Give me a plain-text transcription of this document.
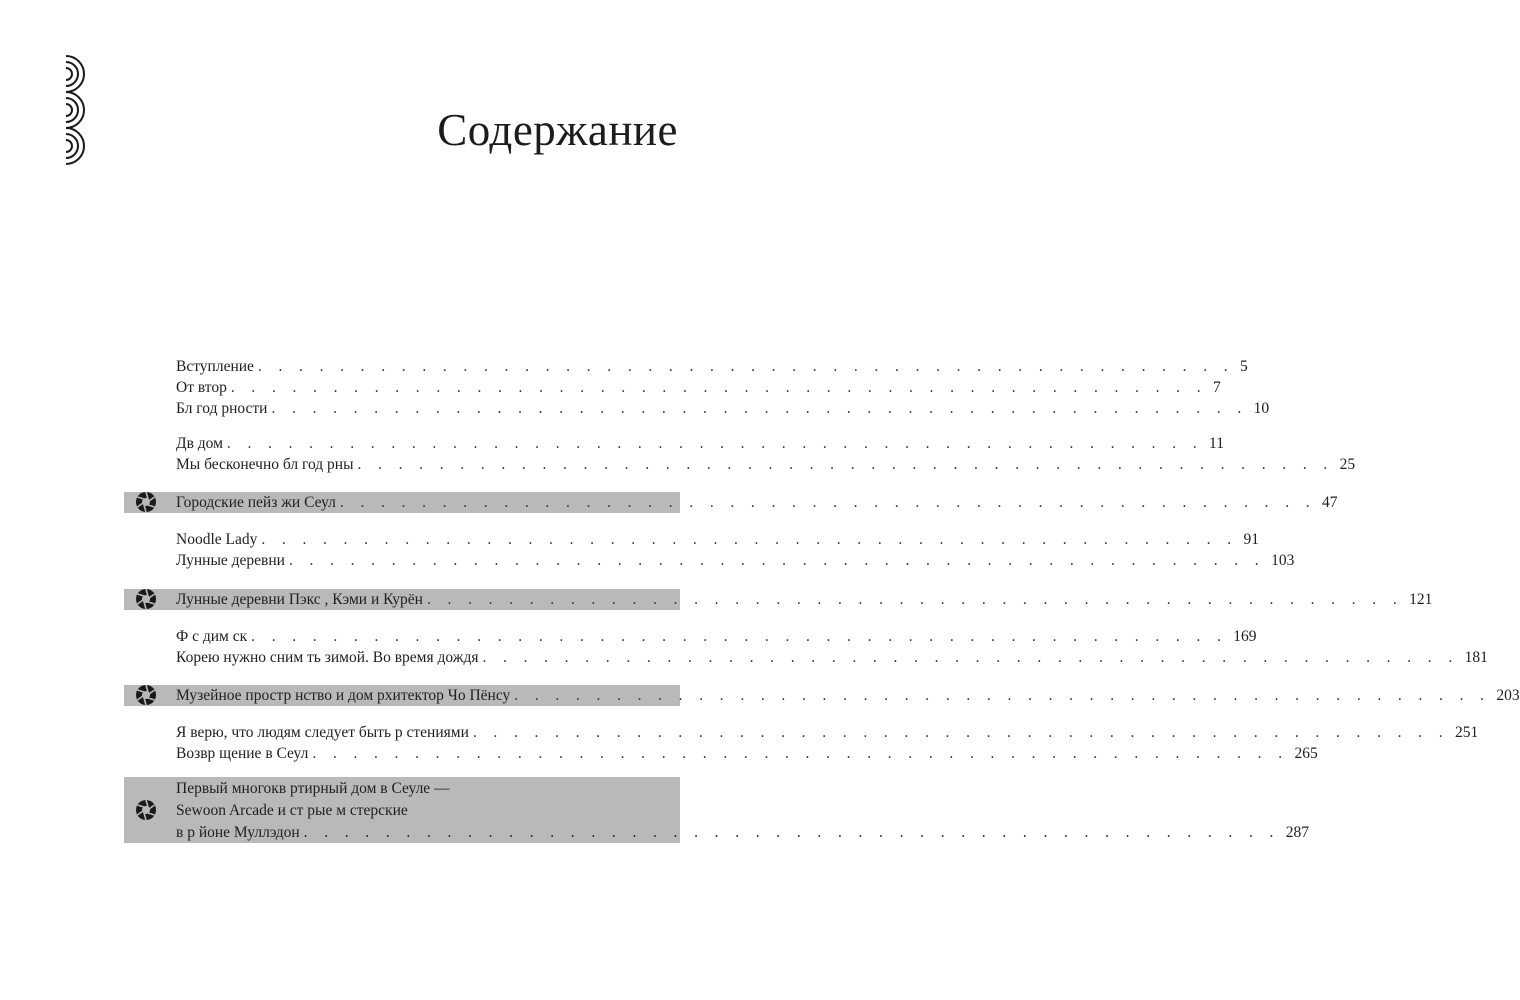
Содержание
Вступление . . . . . . . . . . . . . . . . . . . . . . . . . . . . . . . . . . . . . . . . . . . . . . . . 5
От втор . . . . . . . . . . . . . . . . . . . . . . . . . . . . . . . . . . . . . . . . . . . . . . . . 7
Бл год рности . . . . . . . . . . . . . . . . . . . . . . . . . . . . . . . . . . . . . . . . . . . . . . . . 10
Дв дом . . . . . . . . . . . . . . . . . . . . . . . . . . . . . . . . . . . . . . . . . . . . . . . . 11
Мы бесконечно бл год рны . . . . . . . . . . . . . . . . . . . . . . . . . . . . . . . . . . . . . . . . . . . . . . . . 25
Городские пейз жи Сеул . . . . . . . . . . . . . . . . . . . . . . . . . . . . . . . . . . . . . . . . . . . . . . . . 47
Noodle Lady . . . . . . . . . . . . . . . . . . . . . . . . . . . . . . . . . . . . . . . . . . . . . . . . 91
Лунные деревни . . . . . . . . . . . . . . . . . . . . . . . . . . . . . . . . . . . . . . . . . . . . . . . . 103
Лунные деревни Пэкс , Кэми и Курён . . . . . . . . . . . . . . . . . . . . . . . . . . . . . . . . . . . . . . . . . . . . . . . . 121
Ф с дим ск . . . . . . . . . . . . . . . . . . . . . . . . . . . . . . . . . . . . . . . . . . . . . . . . 169
Корею нужно сним ть зимой. Во время дождя . . . . . . . . . . . . . . . . . . . . . . . . . . . . . . . . . . . . . . . . . . . . . . . . 181
Музейное простр нство и дом рхитектор Чо Пёнсу . . . . . . . . . . . . . . . . . . . . . . . . . . . . . . . . . . . . . . . . . . . . . . . . 203
Я верю, что людям следует быть р стениями . . . . . . . . . . . . . . . . . . . . . . . . . . . . . . . . . . . . . . . . . . . . . . . . 251
Возвр щение в Сеул . . . . . . . . . . . . . . . . . . . . . . . . . . . . . . . . . . . . . . . . . . . . . . . . 265
Первый многокв ртирный дом в Сеуле —
Sewoon Arcade и ст рые м стерские
в р йоне Муллэдон . . . . . . . . . . . . . . . . . . . . . . . . . . . . . . . . . . . . . . . . . . . . . . . . 287
